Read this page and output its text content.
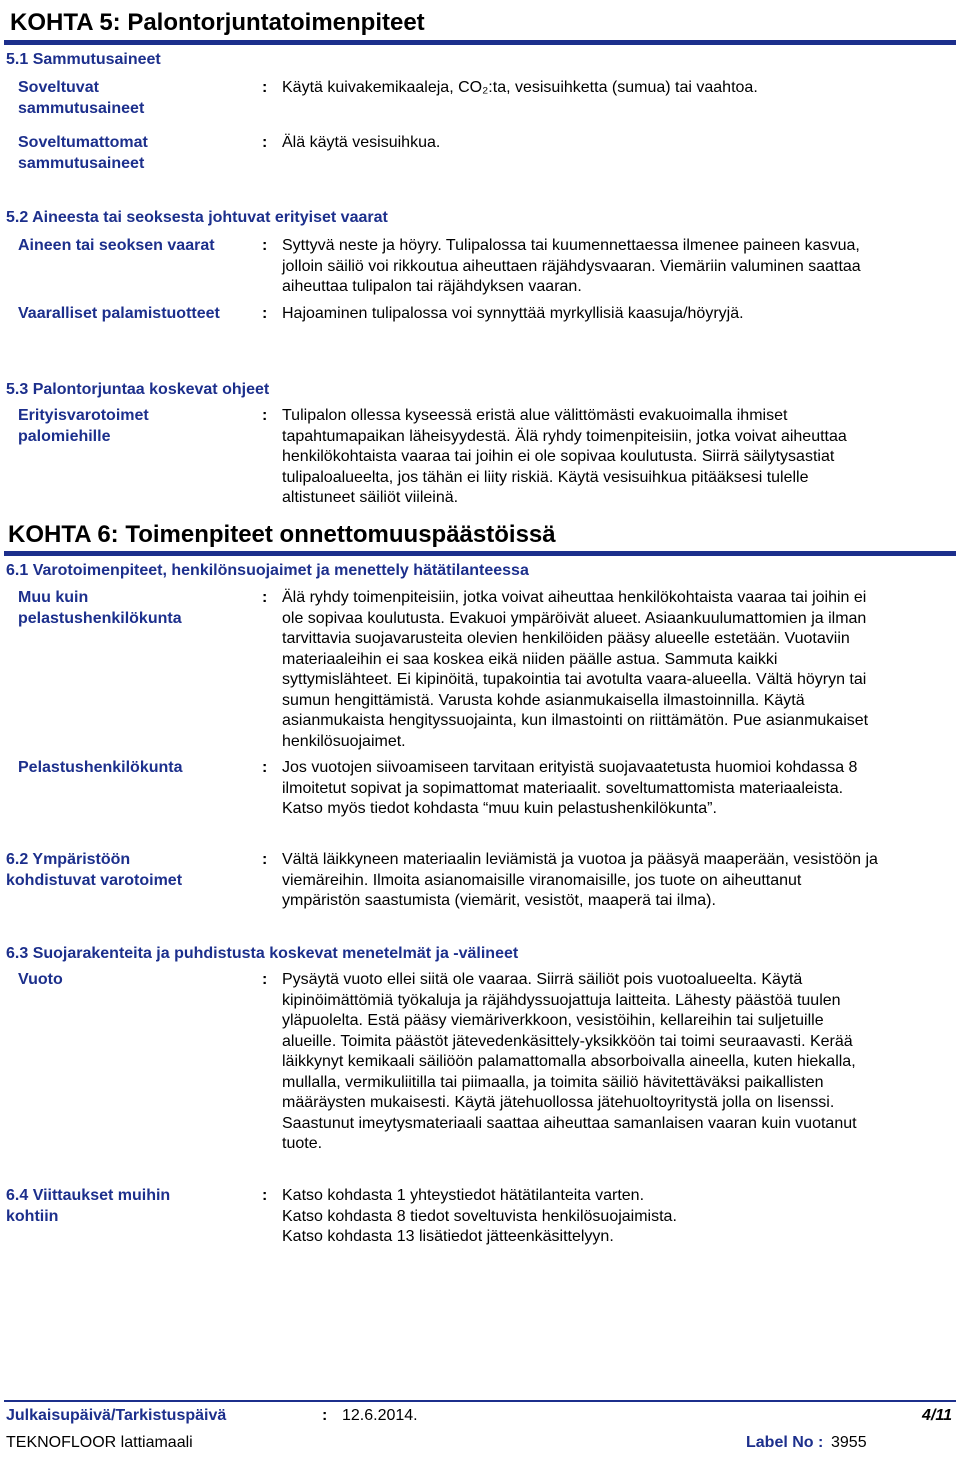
KOHTA 5: Palontorjuntatoimenpiteet
5.1 Sammutusaineet
Soveltuvat
sammutusaineet
: Käytä kuivakemikaaleja, CO₂:ta, vesisuihketta (sumua) tai vaahtoa.
Soveltumattomat
sammutusaineet
: Älä käytä vesisuihkua.
5.2 Aineesta tai seoksesta johtuvat erityiset vaarat
Aineen tai seoksen vaarat	: Syttyvä neste ja höyry. Tulipalossa tai kuumennettaessa ilmenee paineen kasvua,
jolloin säiliö voi rikkoutua aiheuttaen räjähdysvaaran. Viemäriin valuminen saattaa
aiheuttaa tulipalon tai räjähdyksen vaaran.
Vaaralliset palamistuotteet	: Hajoaminen tulipalossa voi synnyttää myrkyllisiä kaasuja/höyryjä.
5.3 Palontorjuntaa koskevat ohjeet
Erityisvarotoimet
palomiehille
: Tulipalon ollessa kyseessä eristä alue välittömästi evakuoimalla ihmiset
tapahtumapaikan läheisyydestä. Älä ryhdy toimenpiteisiin, jotka voivat aiheuttaa
henkilökohtaista vaaraa tai joihin ei ole sopivaa koulutusta. Siirrä säilytysastiat
tulipaloalueelta, jos tähän ei liity riskiä. Käytä vesisuihkua pitääksesi tulelle
altistuneet säiliöt viileinä.
KOHTA 6: Toimenpiteet onnettomuuspäästöissä
6.1 Varotoimenpiteet, henkilönsuojaimet ja menettely hätätilanteessa
Muu kuin
pelastushenkilökunta
: Älä ryhdy toimenpiteisiin, jotka voivat aiheuttaa henkilökohtaista vaaraa tai joihin ei
ole sopivaa koulutusta. Evakuoi ympäröivät alueet. Asiaankuulumattomien ja ilman
tarvittavia suojavarusteita olevien henkilöiden pääsy alueelle estetään. Vuotaviin
materiaaleihin ei saa koskea eikä niiden päälle astua. Sammuta kaikki
syttymislähteet. Ei kipinöitä, tupakointia tai avotulta vaara-alueella. Vältä höyryn tai
sumun hengittämistä. Varusta kohde asianmukaisella ilmastoinnilla. Käytä
asianmukaista hengityssuojainta, kun ilmastointi on riittämätön. Pue asianmukaiset
henkilösuojaimet.
Pelastushenkilökunta	: Jos vuotojen siivoamiseen tarvitaan erityistä suojavaatetusta huomioi kohdassa 8
ilmoitetut sopivat ja sopimattomat materiaalit. soveltumattomista materiaaleista.
Katso myös tiedot kohdasta “muu kuin pelastushenkilökunta”.
6.2 Ympäristöön
kohdistuvat varotoimet
: Vältä läikkyneen materiaalin leviämistä ja vuotoa ja pääsyä maaperään, vesistöön ja
viemäreihin. Ilmoita asianomaisille viranomaisille, jos tuote on aiheuttanut
ympäristön saastumista (viemärit, vesistöt, maaperä tai ilma).
6.3 Suojarakenteita ja puhdistusta koskevat menetelmät ja -välineet
Vuoto	: Pysäytä vuoto ellei siitä ole vaaraa. Siirrä säiliöt pois vuotoalueelta. Käytä
kipinöimättömiä työkaluja ja räjähdyssuojattuja laitteita. Lähesty päästöä tuulen
yläpuolelta. Estä pääsy viemäriverkkoon, vesistöihin, kellareihin tai suljetuille
alueille. Toimita päästöt jätevedenkäsittely-yksikköön tai toimi seuraavasti. Kerää
läikkynyt kemikaali säiliöön palamattomalla absorboivalla aineella, kuten hiekalla,
mullalla, vermikuliitilla tai piimaalla, ja toimita säiliö hävitettäväksi paikallisten
määräysten mukaisesti. Käytä jätehuollossa jätehuoltoyritystä jolla on lisenssi.
Saastunut imeytysmateriaali saattaa aiheuttaa samanlaisen vaaran kuin vuotanut
tuote.
6.4 Viittaukset muihin
kohtiin
: Katso kohdasta 1 yhteystiedot hätätilanteita varten.
Katso kohdasta 8 tiedot soveltuvista henkilösuojaimista.
Katso kohdasta 13 lisätiedot jätteenkäsittelyyn.
Julkaisupäivä/Tarkistuspäivä	: 12.6.2014.	4/11
TEKNOFLOOR lattiamaali	Label No : 3955
